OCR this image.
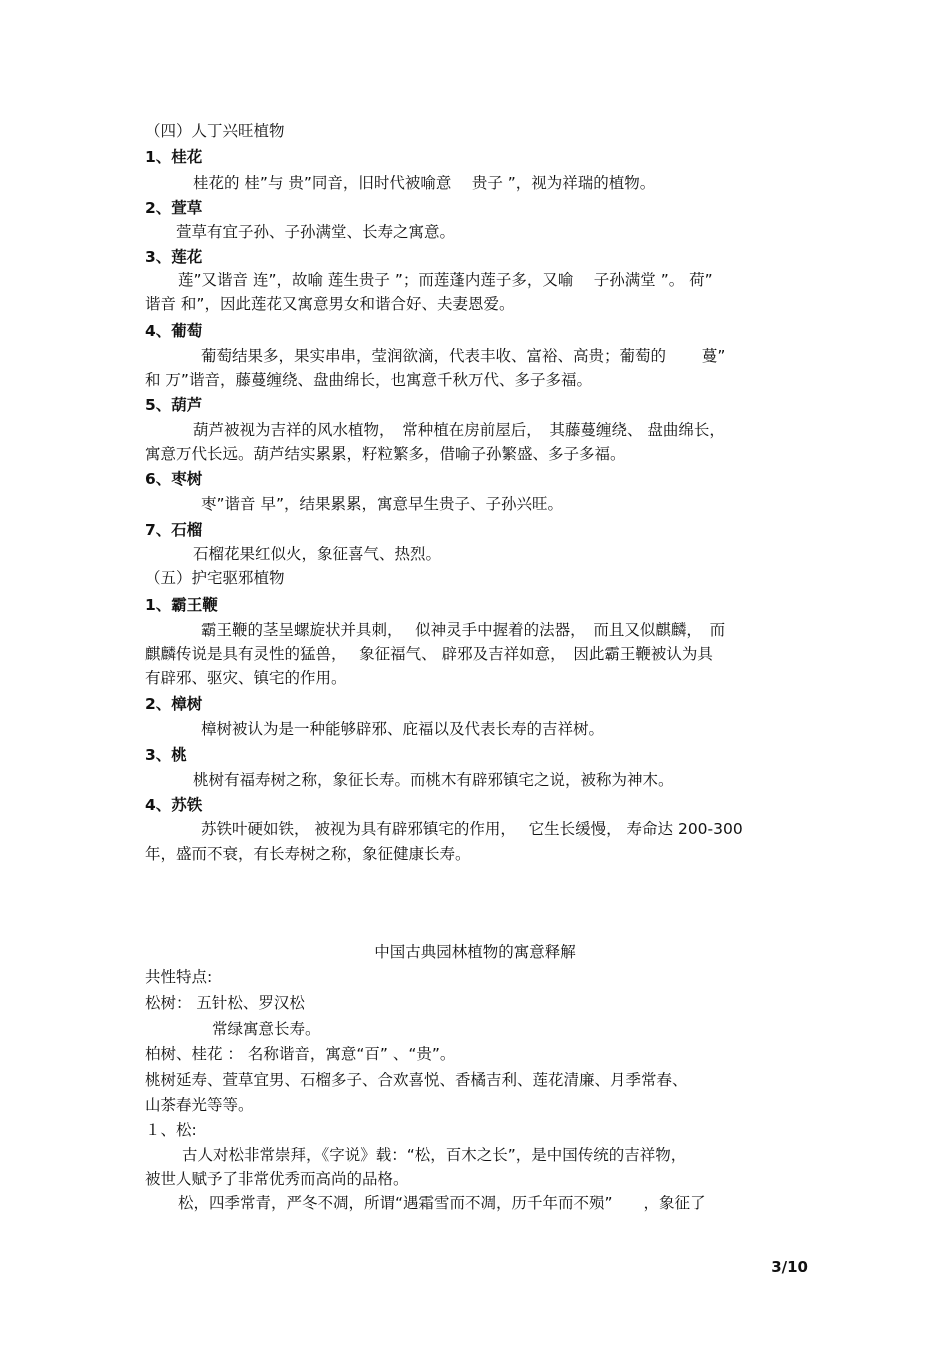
（四）人丁兴旺植物
1、桂花
桂花的 桂”与 贵”同音，旧时代被喻意　 贵子 ”，视为祥瑞的植物。
2、萱草
萱草有宜子孙、子孙满堂、长寿之寓意。
3、莲花
莲”又谐音 连”，故喻 莲生贵子 ”；而莲蓬内莲子多，又喻　 子孙满堂 ”。 荷”
谐音 和”，因此莲花又寓意男女和谐合好、夫妻恩爱。
4、葡萄
葡萄结果多，果实串串，莹润欲滴，代表丰收、富裕、高贵；葡萄的　　 蔓”
和 万”谐音，藤蔓缠绕、盘曲绵长，也寓意千秋万代、多子多福。
5、葫芦
葫芦被视为吉祥的风水植物，　常种植在房前屋后，　其藤蔓缠绕、 盘曲绵长，
寓意万代长远。葫芦结实累累，籽粒繁多，借喻子孙繁盛、多子多福。
6、枣树
枣”谐音 早”，结果累累，寓意早生贵子、子孙兴旺。
7、石榴
石榴花果红似火，象征喜气、热烈。
（五）护宅驱邪植物
1、霸王鞭
霸王鞭的茎呈螺旋状并具刺，　 似神灵手中握着的法器，　而且又似麒麟，　而
麒麟传说是具有灵性的猛兽，　 象征福气、 辟邪及吉祥如意，　因此霸王鞭被认为具
有辟邪、驱灾、镇宅的作用。
2、樟树
樟树被认为是一种能够辟邪、庇福以及代表长寿的吉祥树。
3、桃
桃树有福寿树之称，象征长寿。而桃木有辟邪镇宅之说，被称为神木。
4、苏铁
苏铁叶硬如铁， 被视为具有辟邪镇宅的作用，　 它生长缓慢， 寿命达 200-300
年，盛而不衰，有长寿树之称，象征健康长寿。
中国古典园林植物的寓意释解
共性特点:
松树： 五针松、罗汉松
常绿寓意长寿。
柏树、桂花 ： 名称谐音，寓意“百” 、“贵”。
桃树延寿、萱草宜男、石榴多子、合欢喜悦、香橘吉利、莲花清廉、月季常春、
山茶春光等等。
１、松:
古人对松非常崇拜，《字说》载：“松，百木之长”，是中国传统的吉祥物，
被世人赋予了非常优秀而高尚的品格。
松，四季常青，严冬不凋，所谓“遇霜雪而不凋，历千年而不殒”　　，象征了
3/10
